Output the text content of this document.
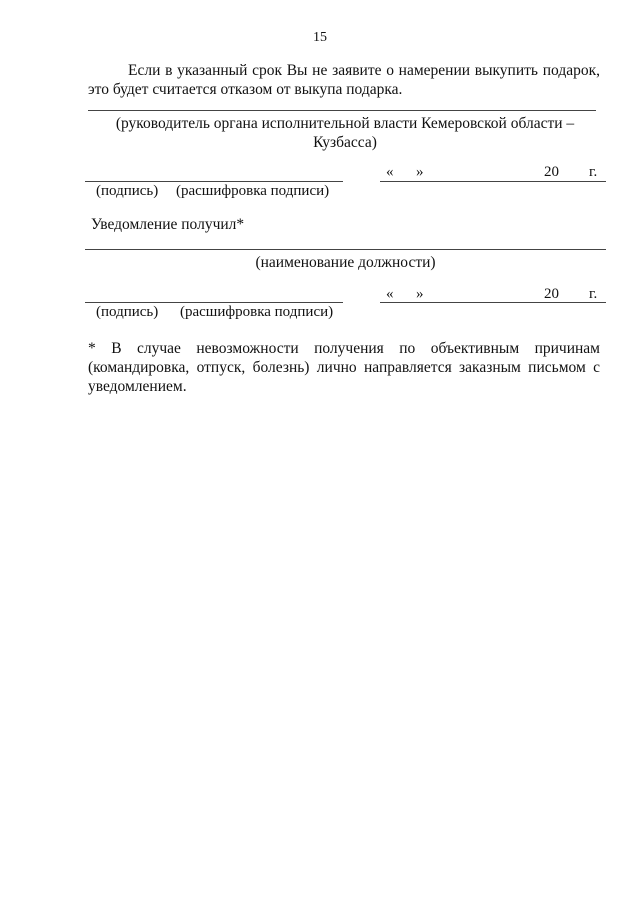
15
Если в указанный срок Вы не заявите о намерении выкупить подарок, это будет считается отказом от выкупа подарка.
(руководитель органа исполнительной власти Кемеровской области – Кузбасса)
(подпись) (расшифровка подписи)
« »	20 г.
Уведомление получил*
(наименование должности)
(подпись) (расшифровка подписи)
« »	20 г.
* В случае невозможности получения по объективным причинам (командировка, отпуск, болезнь) лично направляется заказным письмом с уведомлением.
